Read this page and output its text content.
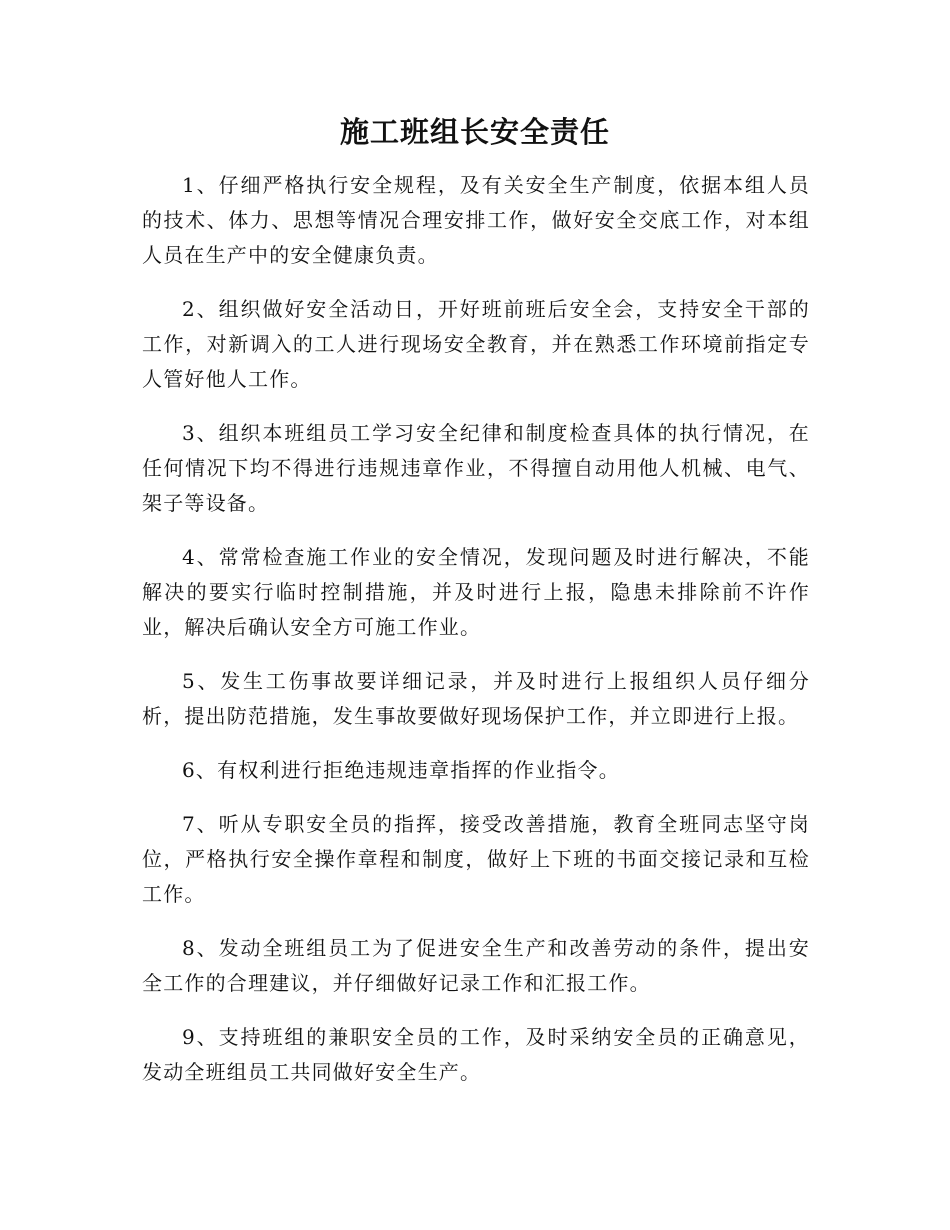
施工班组长安全责任

1、仔细严格执行安全规程，及有关安全生产制度，依据本组人员的技术、体力、思想等情况合理安排工作，做好安全交底工作，对本组人员在生产中的安全健康负责。

2、组织做好安全活动日，开好班前班后安全会，支持安全干部的工作，对新调入的工人进行现场安全教育，并在熟悉工作环境前指定专人管好他人工作。

3、组织本班组员工学习安全纪律和制度检查具体的执行情况，在任何情况下均不得进行违规违章作业，不得擅自动用他人机械、电气、架子等设备。

4、常常检查施工作业的安全情况，发现问题及时进行解决，不能解决的要实行临时控制措施，并及时进行上报，隐患未排除前不许作业，解决后确认安全方可施工作业。

5、发生工伤事故要详细记录，并及时进行上报组织人员仔细分析，提出防范措施，发生事故要做好现场保护工作，并立即进行上报。

6、有权利进行拒绝违规违章指挥的作业指令。

7、听从专职安全员的指挥，接受改善措施，教育全班同志坚守岗位，严格执行安全操作章程和制度，做好上下班的书面交接记录和互检工作。

8、发动全班组员工为了促进安全生产和改善劳动的条件，提出安全工作的合理建议，并仔细做好记录工作和汇报工作。

9、支持班组的兼职安全员的工作，及时采纳安全员的正确意见，发动全班组员工共同做好安全生产。
